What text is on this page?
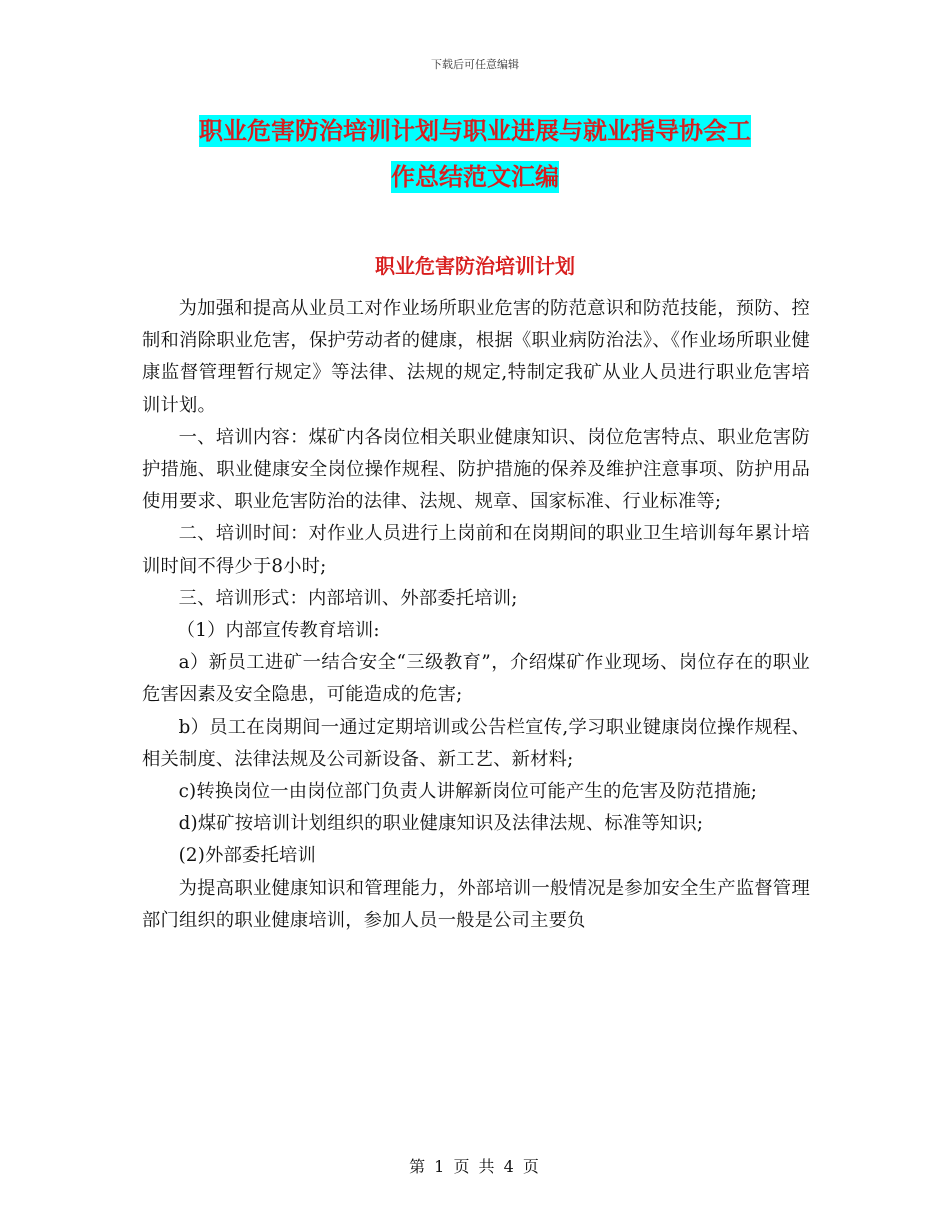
下载后可任意编辑
职业危害防治培训计划与职业进展与就业指导协会工
作总结范文汇编
职业危害防治培训计划

为加强和提高从业员工对作业场所职业危害的防范意识和防范技能，预防、控制和消除职业危害，保护劳动者的健康，根据《职业病防治法》、《作业场所职业健康监督管理暂行规定》等法律、法规的规定,特制定我矿从业人员进行职业危害培训计划。

一、培训内容：煤矿内各岗位相关职业健康知识、岗位危害特点、职业危害防护措施、职业健康安全岗位操作规程、防护措施的保养及维护注意事项、防护用品使用要求、职业危害防治的法律、法规、规章、国家标准、行业标准等;

二、培训时间：对作业人员进行上岗前和在岗期间的职业卫生培训每年累计培训时间不得少于8小时;

三、培训形式：内部培训、外部委托培训;

（1）内部宣传教育培训:

a）新员工进矿一结合安全“三级教育”，介绍煤矿作业现场、岗位存在的职业危害因素及安全隐患，可能造成的危害;

b）员工在岗期间一通过定期培训或公告栏宣传,学习职业键康岗位操作规程、相关制度、法律法规及公司新设备、新工艺、新材料;

c)转换岗位一由岗位部门负责人讲解新岗位可能产生的危害及防范措施;

d)煤矿按培训计划组织的职业健康知识及法律法规、标准等知识;

(2)外部委托培训

为提高职业健康知识和管理能力，外部培训一般情况是参加安全生产监督管理部门组织的职业健康培训，参加人员一般是公司主要负

第 1 页 共 4 页
